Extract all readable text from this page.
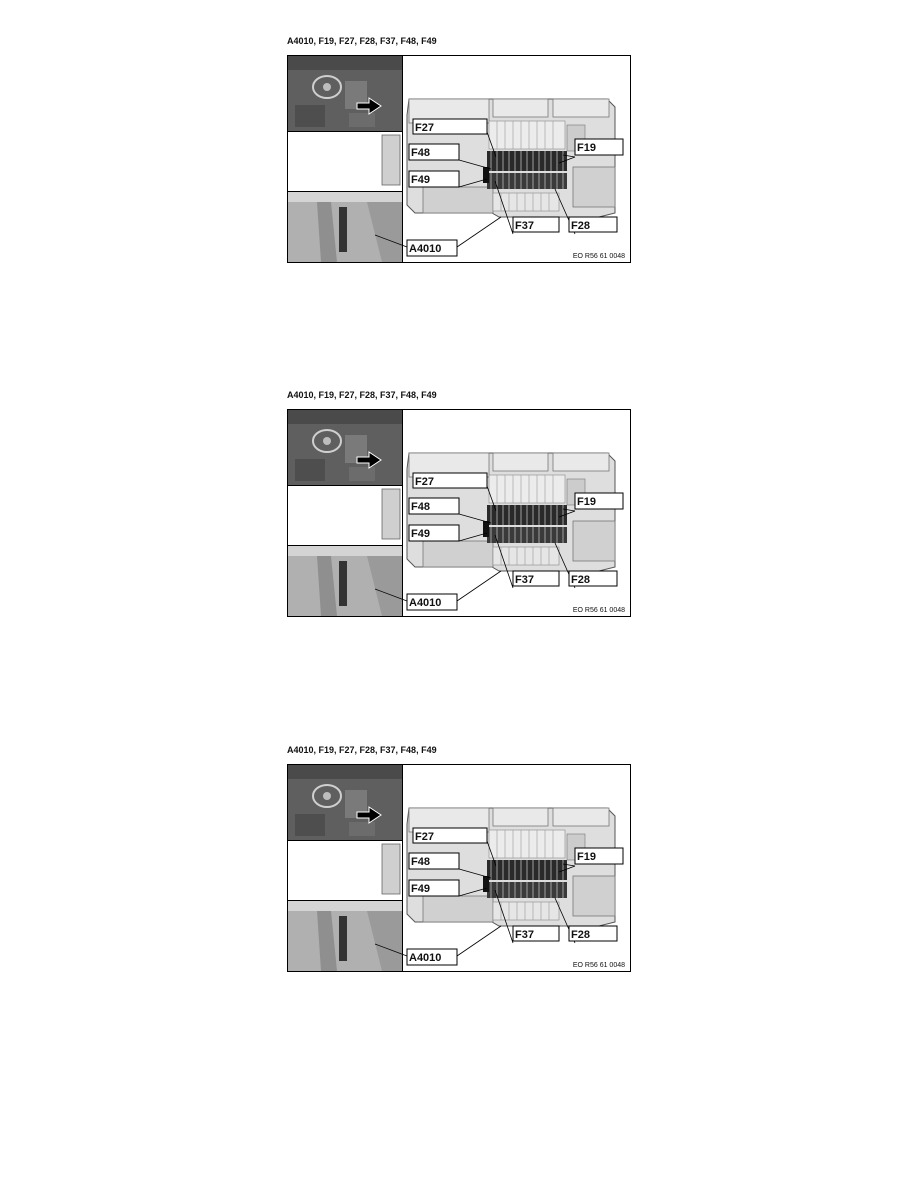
A4010, F19, F27, F28, F37, F48, F49
F27
F48
F49
F19
F37	F28
A4010
EO R56 61 0048
A4010, F19, F27, F28, F37, F48, F49
F27
F48
F49
F19
F37	F28
A4010
EO R56 61 0048
A4010, F19, F27, F28, F37, F48, F49
F27
F48
F49
F19
F37	F28
A4010
EO R56 61 0048
